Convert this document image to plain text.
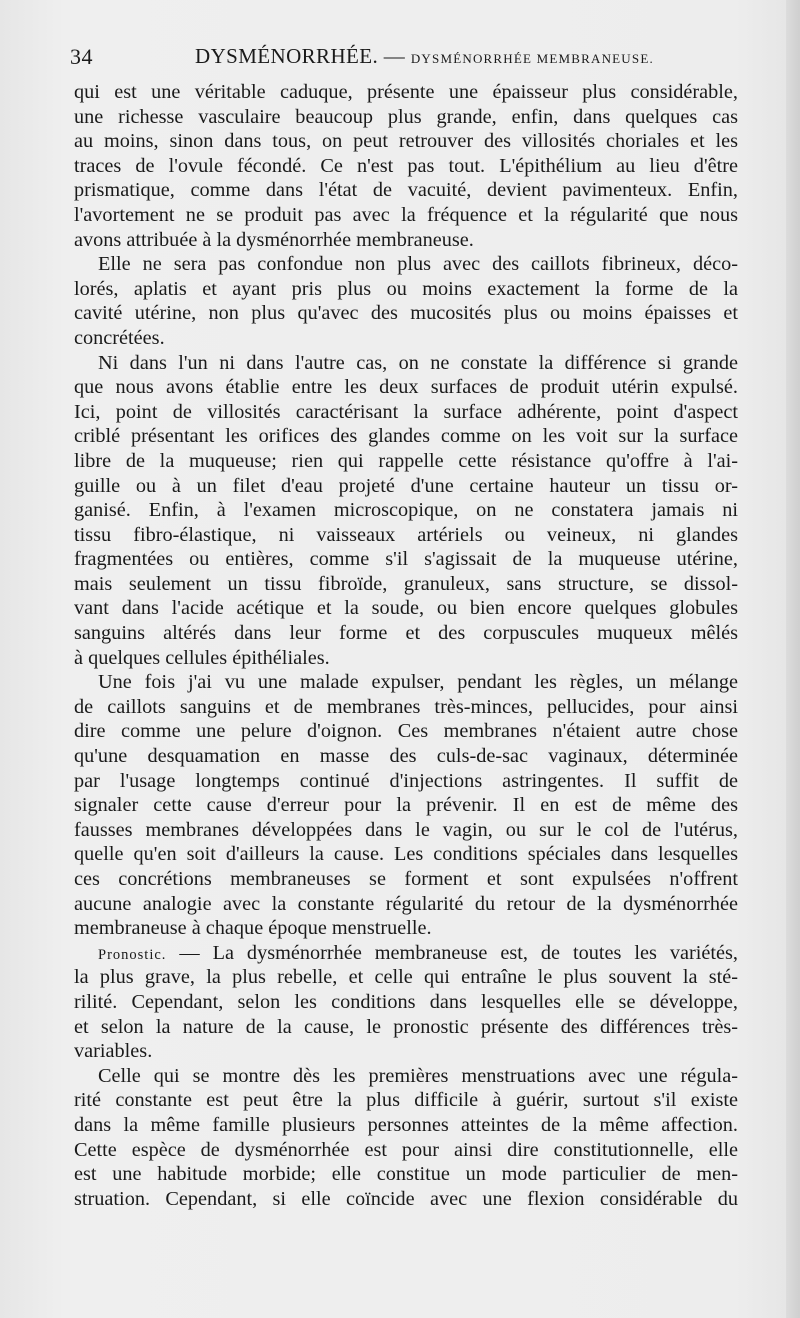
34	DYSMÉNORRHÉE. — DYSMÉNORRHÉE MEMBRANEUSE.
qui est une véritable caduque, présente une épaisseur plus considérable,
une richesse vasculaire beaucoup plus grande, enfin, dans quelques cas
au moins, sinon dans tous, on peut retrouver des villosités choriales et les
traces de l'ovule fécondé. Ce n'est pas tout. L'épithélium au lieu d'être
prismatique, comme dans l'état de vacuité, devient pavimenteux. Enfin,
l'avortement ne se produit pas avec la fréquence et la régularité que nous
avons attribuée à la dysménorrhée membraneuse.
Elle ne sera pas confondue non plus avec des caillots fibrineux, déco-
lorés, aplatis et ayant pris plus ou moins exactement la forme de la
cavité utérine, non plus qu'avec des mucosités plus ou moins épaisses et
concrétées.
Ni dans l'un ni dans l'autre cas, on ne constate la différence si grande
que nous avons établie entre les deux surfaces de produit utérin expulsé.
Ici, point de villosités caractérisant la surface adhérente, point d'aspect
criblé présentant les orifices des glandes comme on les voit sur la surface
libre de la muqueuse; rien qui rappelle cette résistance qu'offre à l'ai-
guille ou à un filet d'eau projeté d'une certaine hauteur un tissu or-
ganisé. Enfin, à l'examen microscopique, on ne constatera jamais ni
tissu fibro-élastique, ni vaisseaux artériels ou veineux, ni glandes
fragmentées ou entières, comme s'il s'agissait de la muqueuse utérine,
mais seulement un tissu fibroïde, granuleux, sans structure, se dissol-
vant dans l'acide acétique et la soude, ou bien encore quelques globules
sanguins altérés dans leur forme et des corpuscules muqueux mêlés
à quelques cellules épithéliales.
Une fois j'ai vu une malade expulser, pendant les règles, un mélange
de caillots sanguins et de membranes très-minces, pellucides, pour ainsi
dire comme une pelure d'oignon. Ces membranes n'étaient autre chose
qu'une desquamation en masse des culs-de-sac vaginaux, déterminée
par l'usage longtemps continué d'injections astringentes. Il suffit de
signaler cette cause d'erreur pour la prévenir. Il en est de même des
fausses membranes développées dans le vagin, ou sur le col de l'utérus,
quelle qu'en soit d'ailleurs la cause. Les conditions spéciales dans lesquelles
ces concrétions membraneuses se forment et sont expulsées n'offrent
aucune analogie avec la constante régularité du retour de la dysménorrhée
membraneuse à chaque époque menstruelle.
Pronostic. — La dysménorrhée membraneuse est, de toutes les variétés,
la plus grave, la plus rebelle, et celle qui entraîne le plus souvent la sté-
rilité. Cependant, selon les conditions dans lesquelles elle se développe,
et selon la nature de la cause, le pronostic présente des différences très-
variables.
Celle qui se montre dès les premières menstruations avec une régula-
rité constante est peut être la plus difficile à guérir, surtout s'il existe
dans la même famille plusieurs personnes atteintes de la même affection.
Cette espèce de dysménorrhée est pour ainsi dire constitutionnelle, elle
est une habitude morbide; elle constitue un mode particulier de men-
struation. Cependant, si elle coïncide avec une flexion considérable du
